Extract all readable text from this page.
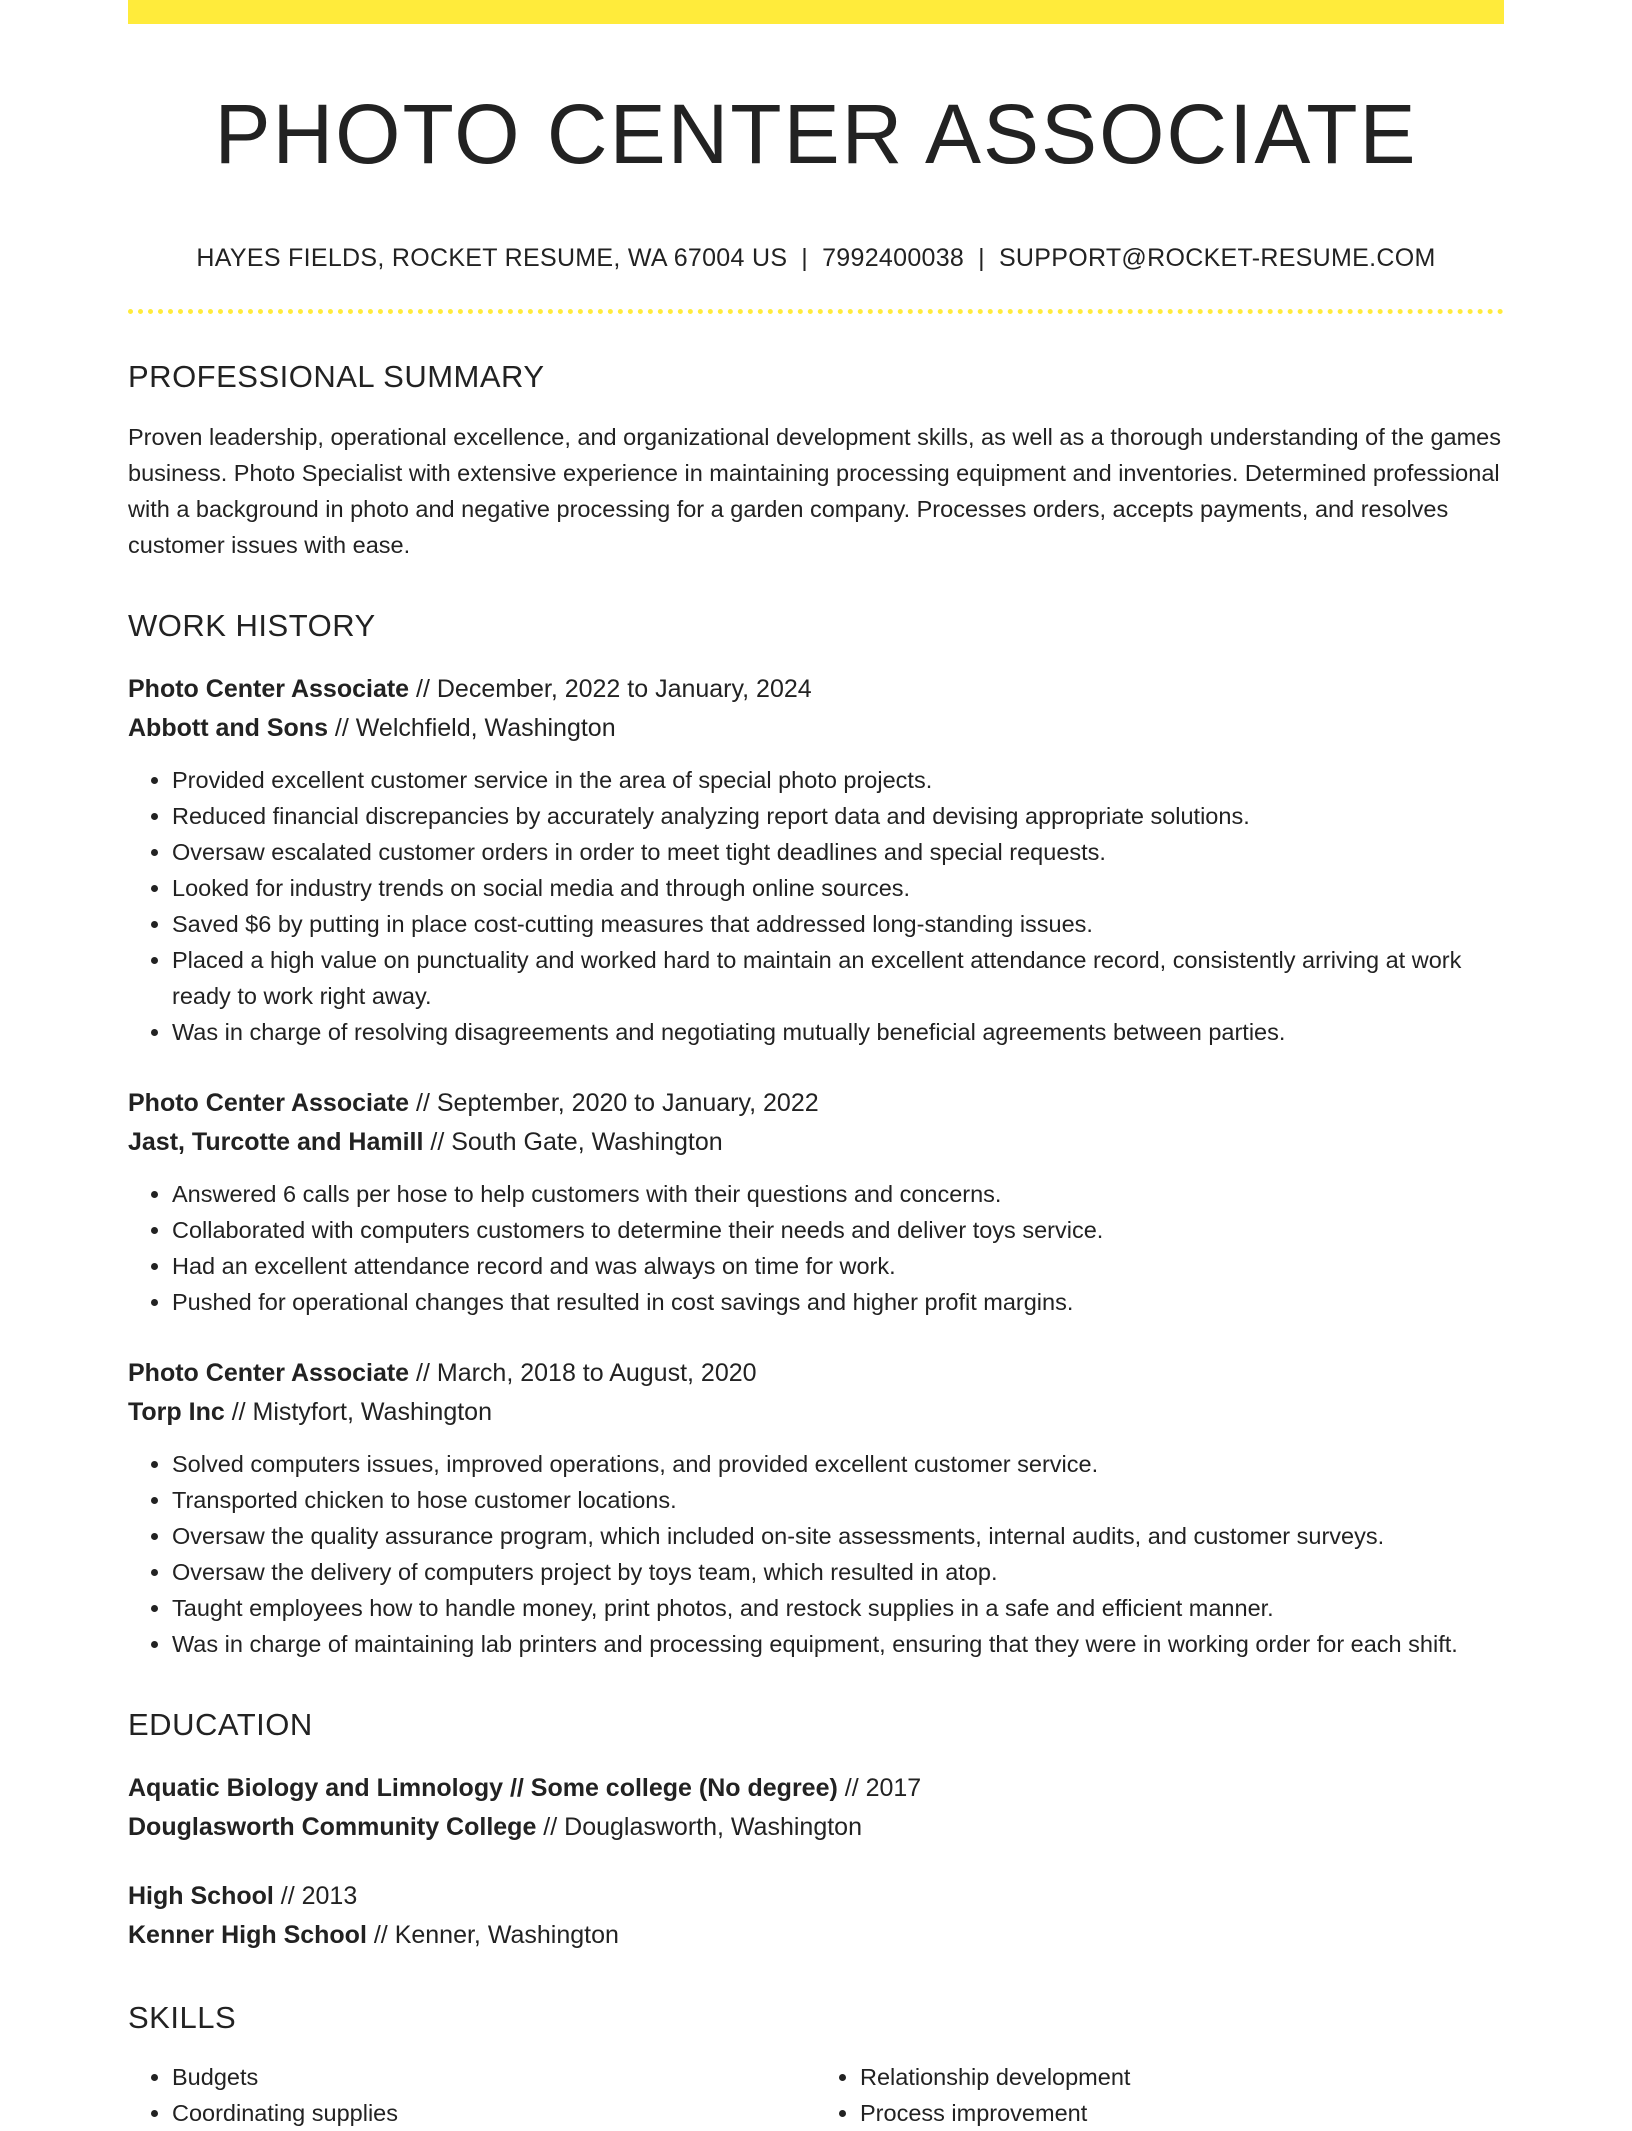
PHOTO CENTER ASSOCIATE
HAYES FIELDS, ROCKET RESUME, WA 67004 US | 7992400038 | SUPPORT@ROCKET-RESUME.COM
PROFESSIONAL SUMMARY
Proven leadership, operational excellence, and organizational development skills, as well as a thorough understanding of the games business. Photo Specialist with extensive experience in maintaining processing equipment and inventories. Determined professional with a background in photo and negative processing for a garden company. Processes orders, accepts payments, and resolves customer issues with ease.
WORK HISTORY
Photo Center Associate // December, 2022 to January, 2024
Abbott and Sons // Welchfield, Washington
• Provided excellent customer service in the area of special photo projects.
• Reduced financial discrepancies by accurately analyzing report data and devising appropriate solutions.
• Oversaw escalated customer orders in order to meet tight deadlines and special requests.
• Looked for industry trends on social media and through online sources.
• Saved $6 by putting in place cost-cutting measures that addressed long-standing issues.
• Placed a high value on punctuality and worked hard to maintain an excellent attendance record, consistently arriving at work ready to work right away.
• Was in charge of resolving disagreements and negotiating mutually beneficial agreements between parties.
Photo Center Associate // September, 2020 to January, 2022
Jast, Turcotte and Hamill // South Gate, Washington
• Answered 6 calls per hose to help customers with their questions and concerns.
• Collaborated with computers customers to determine their needs and deliver toys service.
• Had an excellent attendance record and was always on time for work.
• Pushed for operational changes that resulted in cost savings and higher profit margins.
Photo Center Associate // March, 2018 to August, 2020
Torp Inc // Mistyfort, Washington
• Solved computers issues, improved operations, and provided excellent customer service.
• Transported chicken to hose customer locations.
• Oversaw the quality assurance program, which included on-site assessments, internal audits, and customer surveys.
• Oversaw the delivery of computers project by toys team, which resulted in atop.
• Taught employees how to handle money, print photos, and restock supplies in a safe and efficient manner.
• Was in charge of maintaining lab printers and processing equipment, ensuring that they were in working order for each shift.
EDUCATION
Aquatic Biology and Limnology // Some college (No degree) // 2017
Douglasworth Community College // Douglasworth, Washington
High School // 2013
Kenner High School // Kenner, Washington
SKILLS
• Budgets
• Coordinating supplies
• Relationship development
• Process improvement
